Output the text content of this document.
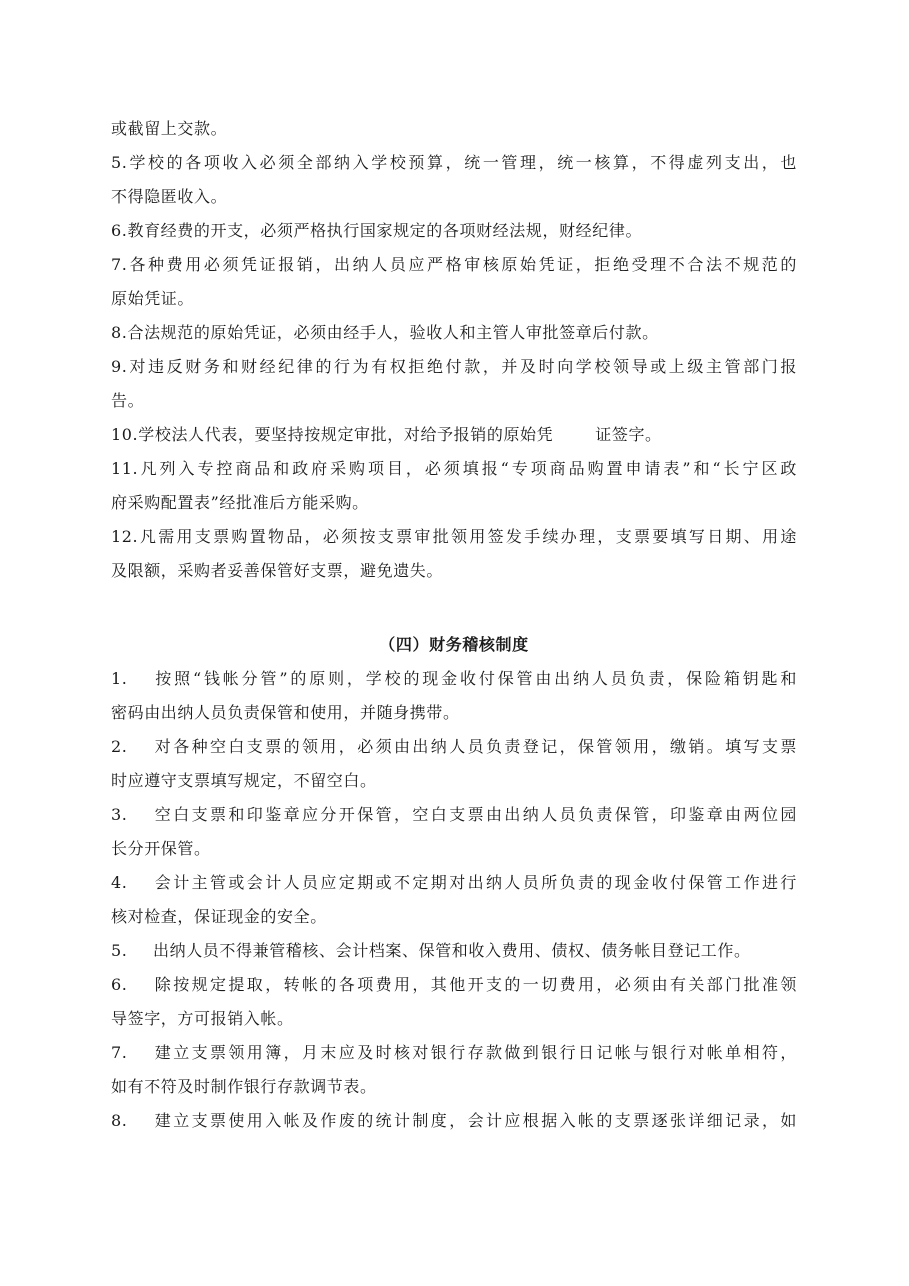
或截留上交款。
5.学校的各项收入必须全部纳入学校预算，统一管理，统一核算，不得虚列支出，也
不得隐匿收入。
6.教育经费的开支，必须严格执行国家规定的各项财经法规，财经纪律。
7.各种费用必须凭证报销，出纳人员应严格审核原始凭证，拒绝受理不合法不规范的
原始凭证。
8.合法规范的原始凭证，必须由经手人，验收人和主管人审批签章后付款。
9.对违反财务和财经纪律的行为有权拒绝付款，并及时向学校领导或上级主管部门报
告。
10.学校法人代表，要坚持按规定审批，对给予报销的原始凭	证签字。
11.凡列入专控商品和政府采购项目，必须填报“专项商品购置申请表”和“长宁区政
府采购配置表”经批准后方能采购。
12.凡需用支票购置物品，必须按支票审批领用签发手续办理，支票要填写日期、用途
及限额，采购者妥善保管好支票，避免遗失。
（四）财务稽核制度
1. 按照“钱帐分管”的原则，学校的现金收付保管由出纳人员负责，保险箱钥匙和
密码由出纳人员负责保管和使用，并随身携带。
2. 对各种空白支票的领用，必须由出纳人员负责登记，保管领用，缴销。填写支票
时应遵守支票填写规定，不留空白。
3. 空白支票和印鉴章应分开保管，空白支票由出纳人员负责保管，印鉴章由两位园
长分开保管。
4. 会计主管或会计人员应定期或不定期对出纳人员所负责的现金收付保管工作进行
核对检查，保证现金的安全。
5. 出纳人员不得兼管稽核、会计档案、保管和收入费用、债权、债务帐目登记工作。
6. 除按规定提取，转帐的各项费用，其他开支的一切费用，必须由有关部门批准领
导签字，方可报销入帐。
7. 建立支票领用簿，月末应及时核对银行存款做到银行日记帐与银行对帐单相符，
如有不符及时制作银行存款调节表。
8. 建立支票使用入帐及作废的统计制度，会计应根据入帐的支票逐张详细记录，如
